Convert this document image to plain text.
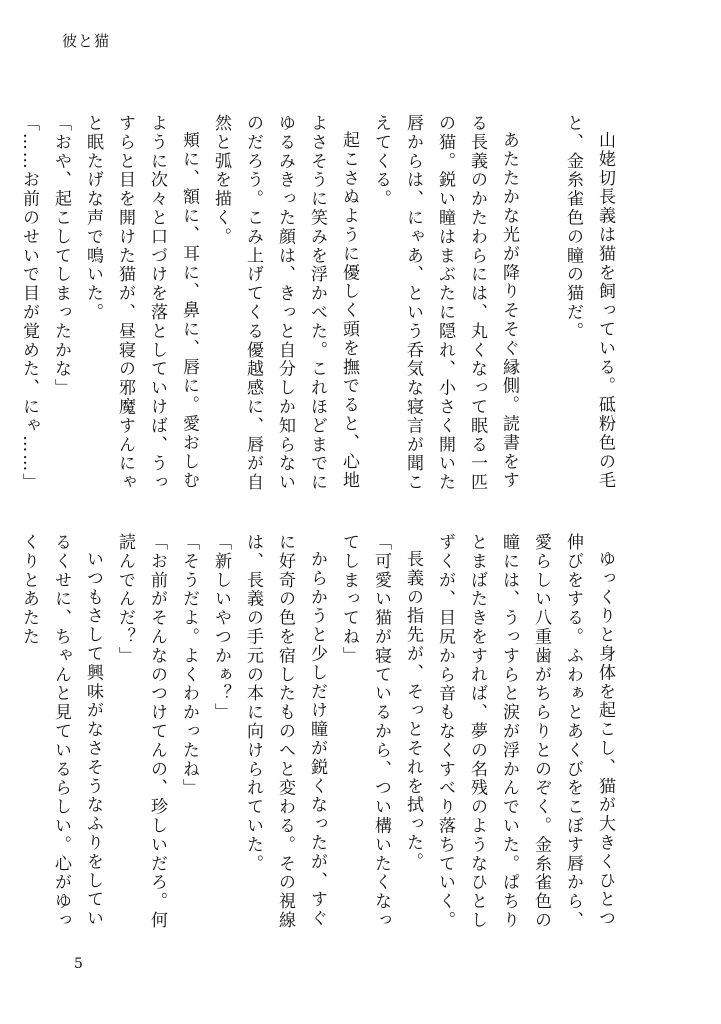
彼と猫

山姥切長義は猫を飼っている。砥粉色の毛と、金糸雀色の瞳の猫だ。

あたたかな光が降りそそぐ縁側。読書をする長義のかたわらには、丸くなって眠る一匹の猫。鋭い瞳はまぶたに隠れ、小さく開いた唇からは、にゃあ、という呑気な寝言が聞こえてくる。

起こさぬように優しく頭を撫でると、心地よさそうに笑みを浮かべた。これほどまでにゆるみきった顔は、きっと自分しか知らないのだろう。こみ上げてくる優越感に、唇が自然と弧を描く。

頬に、額に、耳に、鼻に、唇に。愛おしむように次々と口づけを落としていけば、うっすらと目を開けた猫が、昼寝の邪魔すんにゃと眠たげな声で鳴いた。

「おや、起こしてしまったかな」

「……お前のせいで目が覚めた、にゃ……」

ゆっくりと身体を起こし、猫が大きくひとつ伸びをする。ふわぁとあくびをこぼす唇から、愛らしい八重歯がちらりとのぞく。金糸雀色の瞳には、うっすらと涙が浮かんでいた。ぱちりとまばたきをすれば、夢の名残のようなひとしずくが、目尻から音もなくすべり落ちていく。

長義の指先が、そっとそれを拭った。

「可愛い猫が寝ているから、つい構いたくなってしまってね」

からかうと少しだけ瞳が鋭くなったが、すぐに好奇の色を宿したものへと変わる。その視線は、長義の手元の本に向けられていた。

「新しいやつかぁ？」

「そうだよ。よくわかったね」

「お前がそんなのつけてんの、珍しいだろ。何読んでんだ？」

いつもさして興味がなさそうなふりをしているくせに、ちゃんと見ているらしい。心がゆっくりとあたた

5
